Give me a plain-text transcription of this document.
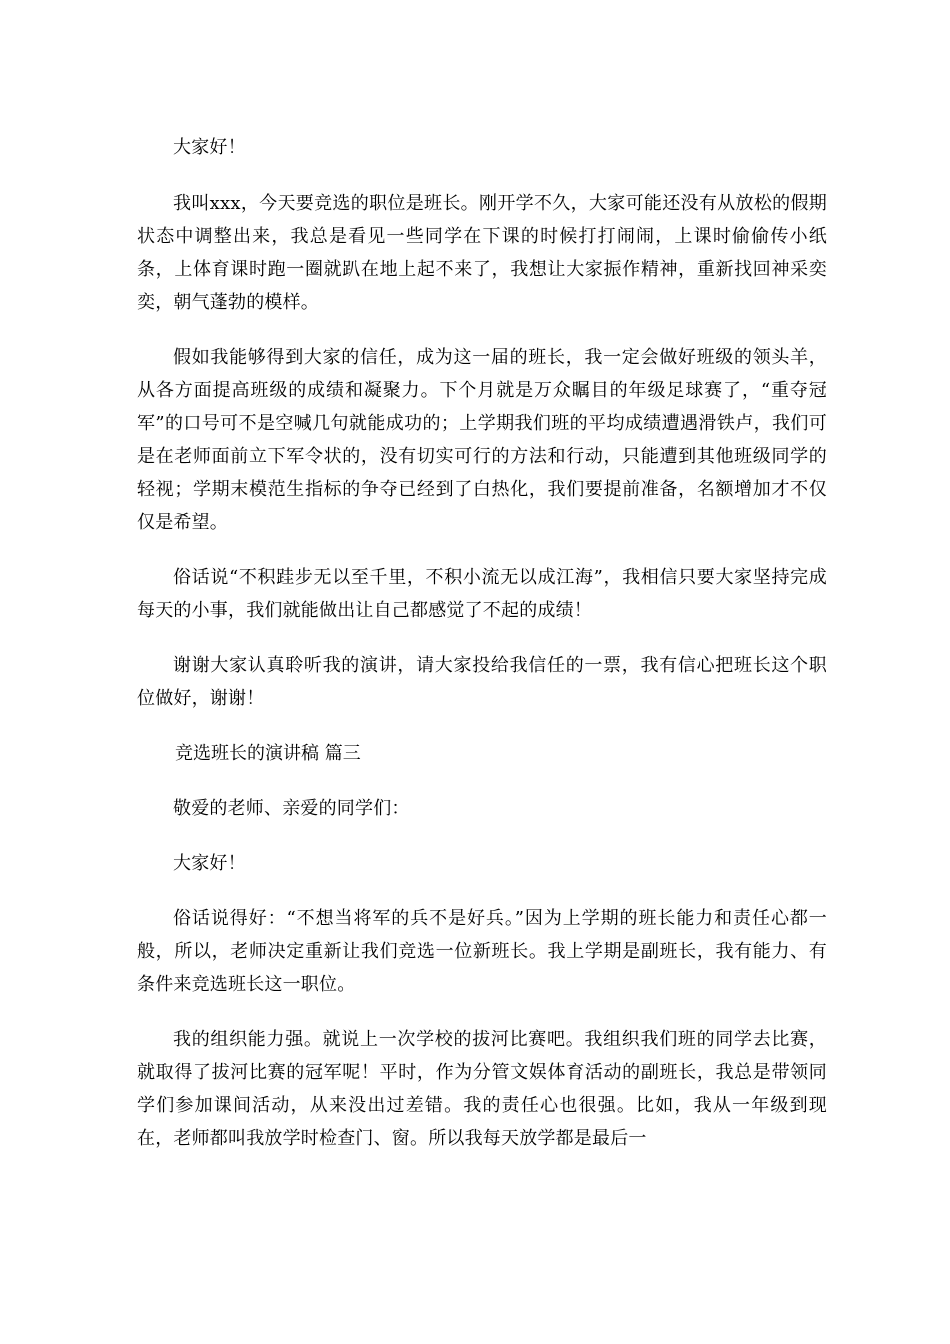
大家好！

我叫xxx，今天要竞选的职位是班长。刚开学不久，大家可能还没有从放松的假期状态中调整出来，我总是看见一些同学在下课的时候打打闹闹，上课时偷偷传小纸条，上体育课时跑一圈就趴在地上起不来了，我想让大家振作精神，重新找回神采奕奕，朝气蓬勃的模样。

假如我能够得到大家的信任，成为这一届的班长，我一定会做好班级的领头羊，从各方面提高班级的成绩和凝聚力。下个月就是万众瞩目的年级足球赛了，“重夺冠军”的口号可不是空喊几句就能成功的；上学期我们班的平均成绩遭遇滑铁卢，我们可是在老师面前立下军令状的，没有切实可行的方法和行动，只能遭到其他班级同学的轻视；学期末模范生指标的争夺已经到了白热化，我们要提前准备，名额增加才不仅仅是希望。

俗话说“不积跬步无以至千里，不积小流无以成江海”，我相信只要大家坚持完成每天的小事，我们就能做出让自己都感觉了不起的成绩！

谢谢大家认真聆听我的演讲，请大家投给我信任的一票，我有信心把班长这个职位做好，谢谢！

竞选班长的演讲稿 篇三

敬爱的老师、亲爱的同学们：

大家好！

俗话说得好：“不想当将军的兵不是好兵。”因为上学期的班长能力和责任心都一般，所以，老师决定重新让我们竞选一位新班长。我上学期是副班长，我有能力、有条件来竞选班长这一职位。

我的组织能力强。就说上一次学校的拔河比赛吧。我组织我们班的同学去比赛，就取得了拔河比赛的冠军呢！平时，作为分管文娱体育活动的副班长，我总是带领同学们参加课间活动，从来没出过差错。我的责任心也很强。比如，我从一年级到现在，老师都叫我放学时检查门、窗。所以我每天放学都是最后一
